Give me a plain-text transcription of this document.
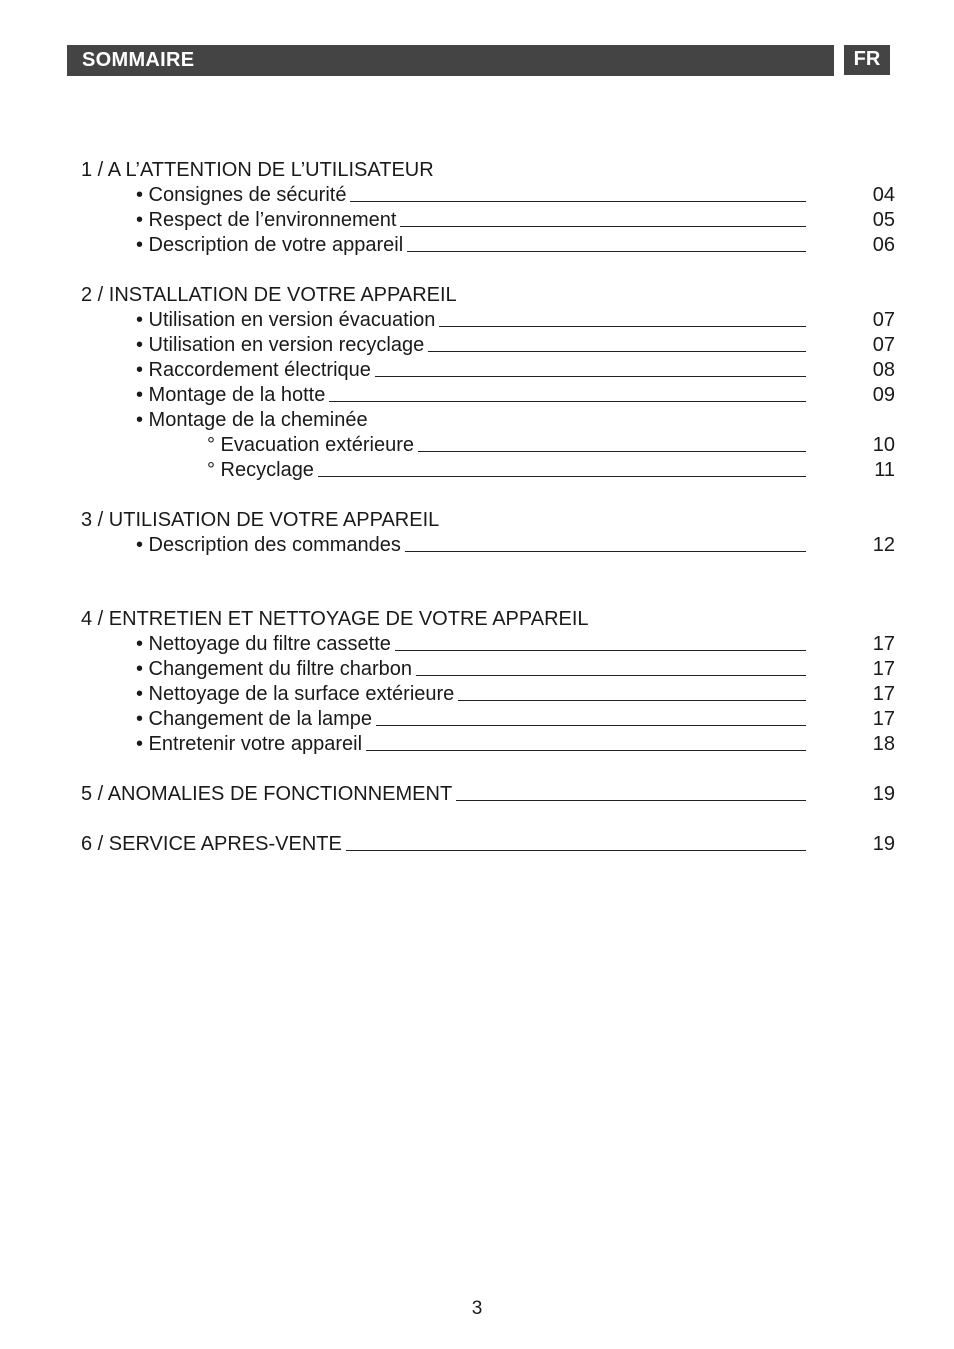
SOMMAIRE	FR
1 / A L’ATTENTION DE L’UTILISATEUR
• Consignes de sécurité	04
• Respect de l’environnement	05
• Description de votre appareil	06
2 / INSTALLATION DE VOTRE APPAREIL
• Utilisation en version évacuation	07
• Utilisation en version recyclage	07
• Raccordement électrique	08
• Montage de la hotte	09
• Montage de la cheminée
° Evacuation extérieure	10
° Recyclage	11
3 / UTILISATION DE VOTRE APPAREIL
• Description des commandes	12
4 / ENTRETIEN ET NETTOYAGE DE VOTRE APPAREIL
• Nettoyage du filtre cassette	17
• Changement du filtre charbon	17
• Nettoyage de la surface extérieure	17
• Changement de la lampe	17
• Entretenir votre appareil	18
5 / ANOMALIES DE FONCTIONNEMENT	19
6 / SERVICE APRES-VENTE	19
3
